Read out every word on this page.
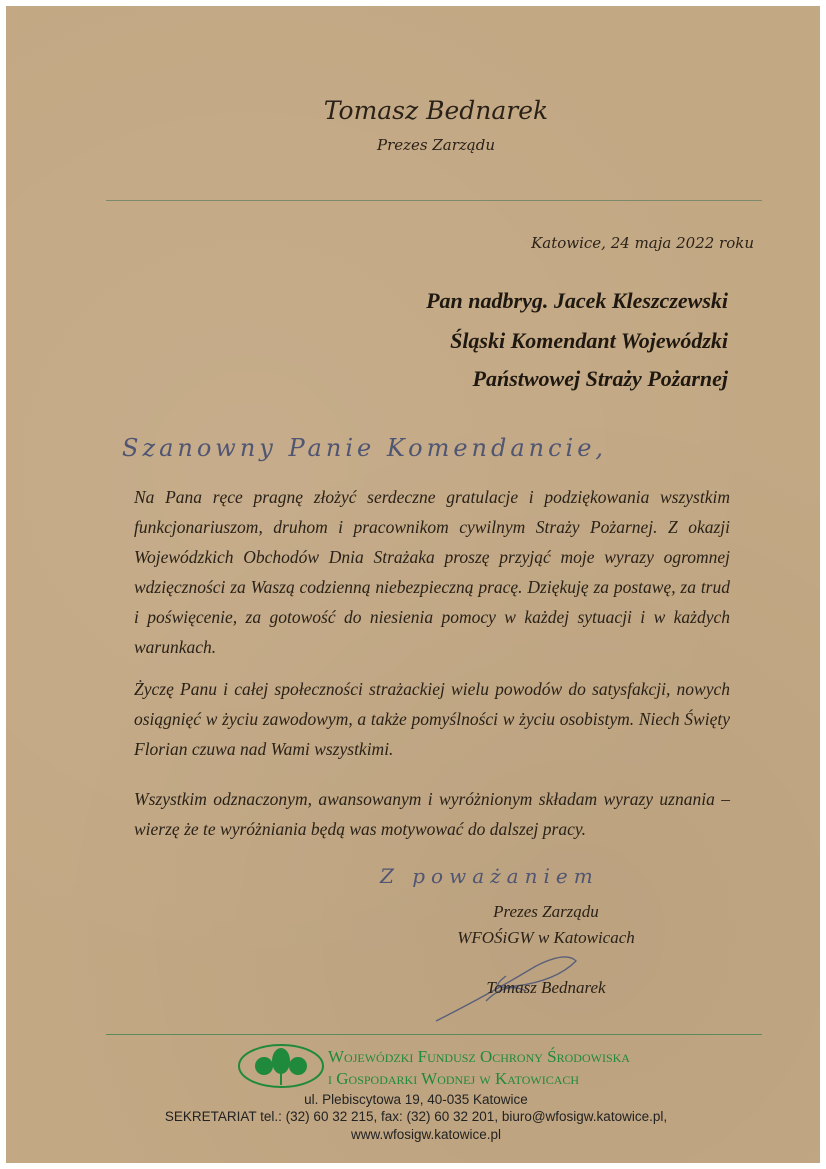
Tomasz Bednarek
Prezes Zarządu
Katowice, 24 maja 2022 roku
Pan nadbryg. Jacek Kleszczewski
Śląski Komendant Wojewódzki
Państwowej Straży Pożarnej
Szanowny Panie Komendancie,
Na Pana ręce pragnę złożyć serdeczne gratulacje i podziękowania wszystkim funkcjonariuszom, druhom i pracownikom cywilnym Straży Pożarnej. Z okazji Wojewódzkich Obchodów Dnia Strażaka proszę przyjąć moje wyrazy ogromnej wdzięczności za Waszą codzienną niebezpieczną pracę. Dziękuję za postawę, za trud i poświęcenie, za gotowość do niesienia pomocy w każdej sytuacji i w każdych warunkach.
Życzę Panu i całej społeczności strażackiej wielu powodów do satysfakcji, nowych osiągnięć w życiu zawodowym, a także pomyślności w życiu osobistym. Niech Święty Florian czuwa nad Wami wszystkimi.
Wszystkim odznaczonym, awansowanym i wyróżnionym składam wyrazy uznania – wierzę że te wyróżniania będą was motywować do dalszej pracy.
Z poważaniem
Prezes Zarządu
WFOŚiGW w Katowicach
Tomasz Bednarek
Wojewódzki Fundusz Ochrony Środowiska
i Gospodarki Wodnej w Katowicach
ul. Plebiscytowa 19, 40-035 Katowice
SEKRETARIAT tel.: (32) 60 32 215, fax: (32) 60 32 201, biuro@wfosigw.katowice.pl,
www.wfosigw.katowice.pl
